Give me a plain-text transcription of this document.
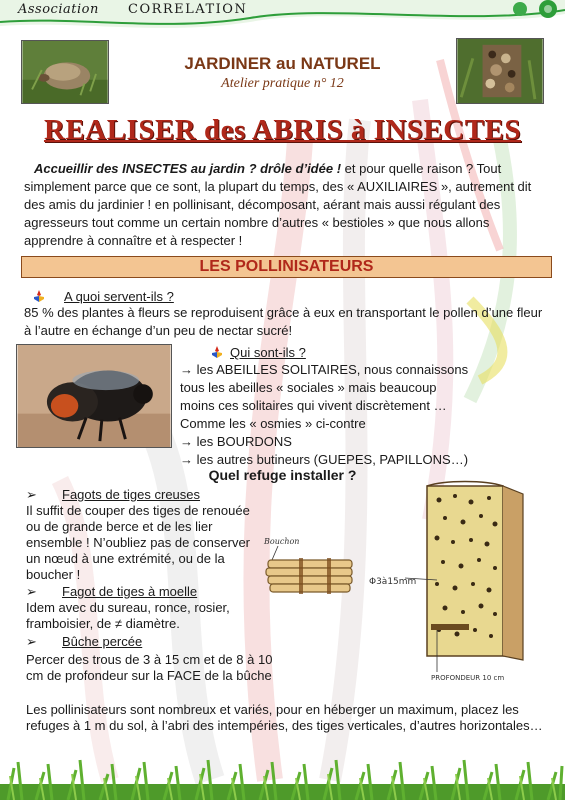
Association CORRELATION
JARDINER au NATUREL
Atelier pratique n° 12
REALISER des ABRIS à INSECTES
Accueillir des INSECTES au jardin ? drôle d’idée ! et pour quelle raison ? Tout simplement parce que ce sont, la plupart du temps, des « AUXILIAIRES », autrement dit des amis du jardinier ! en pollinisant, décomposant, aérant mais aussi régulant des agresseurs tout comme un certain nombre d’autres « bestioles » que nous allons apprendre à connaître et à respecter !
LES POLLINISATEURS
A quoi servent-ils ?
85 % des plantes à fleurs se reproduisent grâce à eux en transportant le pollen d’une fleur à l’autre en échange d’un peu de nectar sucré!
Qui sont-ils ?
→ les ABEILLES SOLITAIRES, nous connaissons
tous les abeilles « sociales » mais beaucoup
moins ces solitaires qui vivent discrètement …
Comme les « osmies » ci-contre
→ les BOURDONS
→ les autres butineurs (GUEPES, PAPILLONS…)
Quel refuge installer ?
➢ Fagots de tiges creuses
Il suffit de couper des tiges de renouée ou de grande berce et de les lier ensemble ! N’oubliez pas de conserver un nœud à une extrémité, ou de la boucher !
➢ Fagot de tiges à moelle
Idem avec du sureau, ronce, rosier, framboisier, de ≠ diamètre.
➢ Bûche percée
Percer des trous de 3 à 15 cm et de 8 à 10 cm de profondeur sur la FACE de la bûche
Les pollinisateurs sont nombreux et variés, pour en héberger un maximum, placez les refuges à 1 m du sol, à l’abri des intempéries, des tiges verticales, d’autres horizontales…
Bouchon
Φ3à15mm
PROFONDEUR 10 cm
